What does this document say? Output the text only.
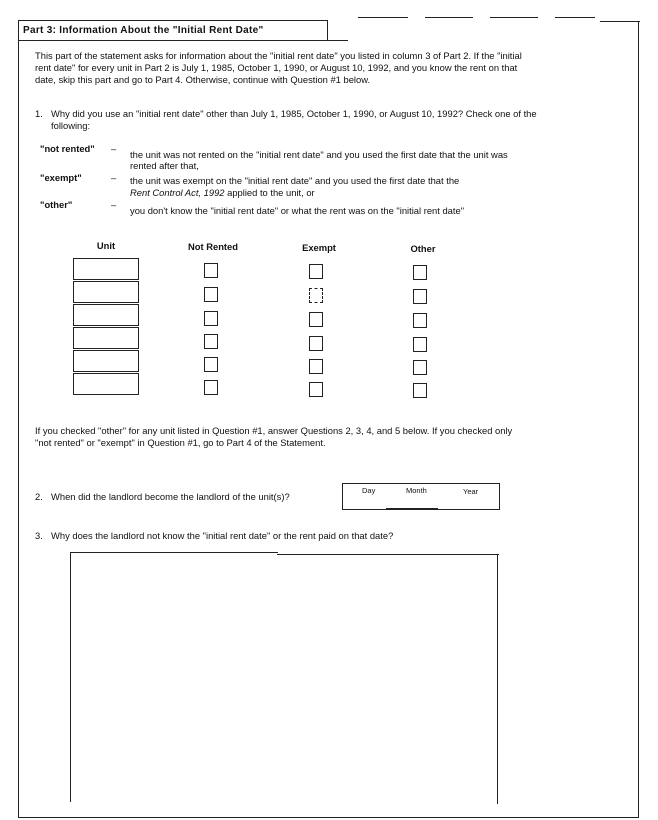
Part 3: Information About the "Initial Rent Date"
This part of the statement asks for information about the "initial rent date" you listed in column 3 of Part 2. If the "initial
rent date" for every unit in Part 2 is July 1, 1985, October 1, 1990, or August 10, 1992, and you know the rent on that
date, skip this part and go to Part 4. Otherwise, continue with Question #1 below.
1. Why did you use an "initial rent date" other than July 1, 1985, October 1, 1990, or August 10, 1992? Check one of the
following:
"not rented" –
the unit was not rented on the "initial rent date" and you used the first date that the unit was
rented after that,
"exempt"	– the unit was exempt on the "initial rent date" and you used the first date that the
Rent Control Act, 1992 applied to the unit, or
"other"	–
you don't know the "initial rent date" or what the rent was on the "initial rent date"
Unit	Not Rented	Exempt	Other
If you checked "other" for any unit listed in Question #1, answer Questions 2, 3, 4, and 5 below. If you checked only
"not rented" or "exempt" in Question #1, go to Part 4 of the Statement.
2. When did the landlord become the landlord of the unit(s)?
Day	Month	Year
3. Why does the landlord not know the "initial rent date" or the rent paid on that date?
